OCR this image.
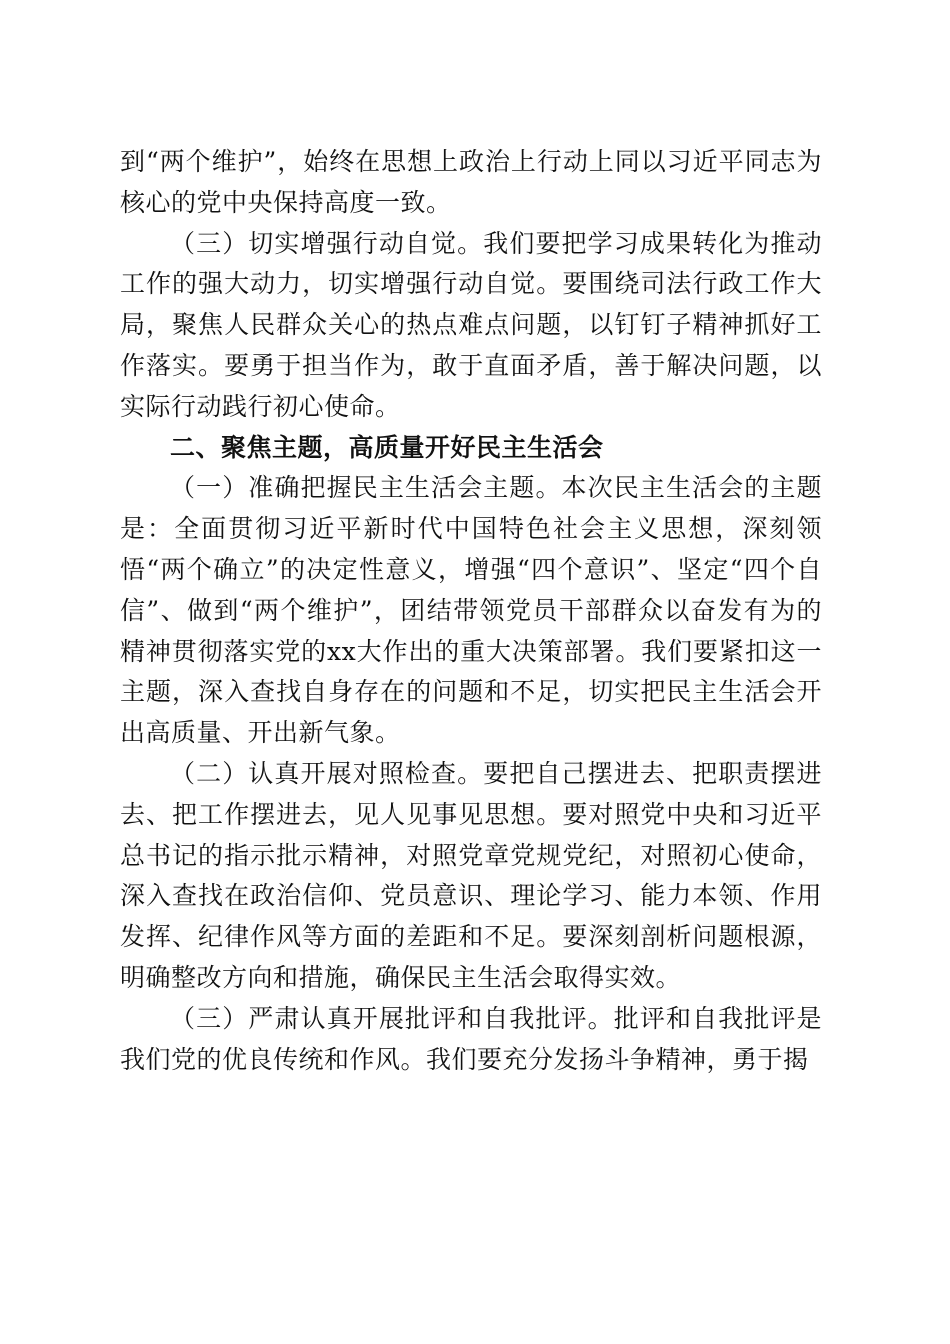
到“两个维护”，始终在思想上政治上行动上同以习近平同志为核心的党中央保持高度一致。

（三）切实增强行动自觉。我们要把学习成果转化为推动工作的强大动力，切实增强行动自觉。要围绕司法行政工作大局，聚焦人民群众关心的热点难点问题，以钉钉子精神抓好工作落实。要勇于担当作为，敢于直面矛盾，善于解决问题，以实际行动践行初心使命。

二、聚焦主题，高质量开好民主生活会

（一）准确把握民主生活会主题。本次民主生活会的主题是：全面贯彻习近平新时代中国特色社会主义思想，深刻领悟“两个确立”的决定性意义，增强“四个意识”、坚定“四个自信”、做到“两个维护”，团结带领党员干部群众以奋发有为的精神贯彻落实党的xx大作出的重大决策部署。我们要紧扣这一主题，深入查找自身存在的问题和不足，切实把民主生活会开出高质量、开出新气象。

（二）认真开展对照检查。要把自己摆进去、把职责摆进去、把工作摆进去，见人见事见思想。要对照党中央和习近平总书记的指示批示精神，对照党章党规党纪，对照初心使命，深入查找在政治信仰、党员意识、理论学习、能力本领、作用发挥、纪律作风等方面的差距和不足。要深刻剖析问题根源，明确整改方向和措施，确保民主生活会取得实效。

（三）严肃认真开展批评和自我批评。批评和自我批评是我们党的优良传统和作风。我们要充分发扬斗争精神，勇于揭
